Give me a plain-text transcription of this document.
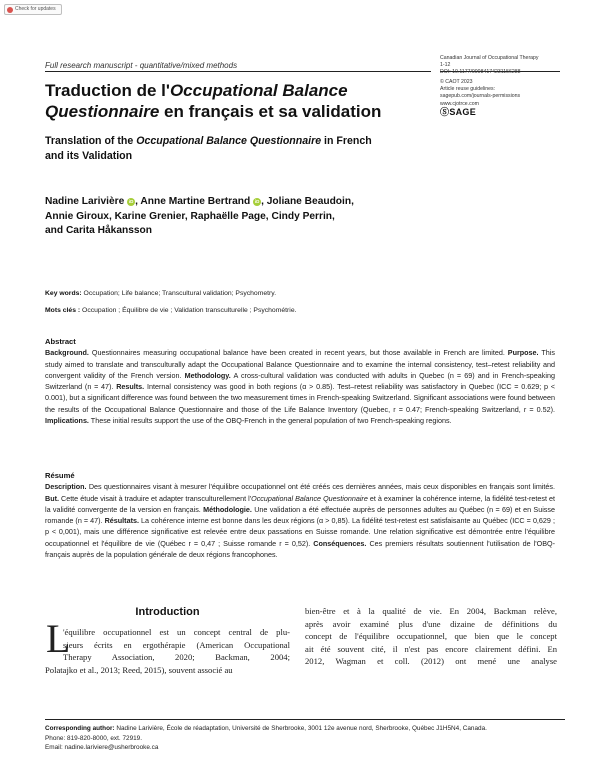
Check for updates
Full research manuscript - quantitative/mixed methods
Canadian Journal of Occupational Therapy
1-12
DOI: 10.1177/00084174231156288
© CAOT 2023
Article reuse guidelines:
sagepub.com/journals-permissions
www.cjotrce.com
ⓈSAGE
Traduction de l'Occupational Balance
Questionnaire en français et sa validation
Translation of the Occupational Balance Questionnaire in French
and its Validation
Nadine Larivière iD , Anne Martine Bertrand iD , Joliane Beaudoin,
Annie Giroux, Karine Grenier, Raphaëlle Page, Cindy Perrin,
and Carita Håkansson
Key words: Occupation; Life balance; Transcultural validation; Psychometry.
Mots clés : Occupation ; Équilibre de vie ; Validation transculturelle ; Psychométrie.
Abstract
Background. Questionnaires measuring occupational balance have been created in recent years, but those available in French are limited. Purpose. This study aimed to translate and transculturally adapt the Occupational Balance Questionnaire and to examine the internal consistency, test–retest reliability and convergent validity of the French version. Methodology. A cross-cultural validation was conducted with adults in Quebec (n = 69) and in French-speaking Switzerland (n = 47). Results. Internal consistency was good in both regions (α > 0.85). Test–retest reliability was satisfactory in Quebec (ICC = 0.629; p < 0.001), but a significant difference was found between the two measurement times in French-speaking Switzerland. Significant associations were found between the results of the Occupational Balance Questionnaire and those of the Life Balance Inventory (Quebec, r = 0.47; French-speaking Switzerland, r = 0.52). Implications. These initial results support the use of the OBQ-French in the general population of two French-speaking regions.
Résumé
Description. Des questionnaires visant à mesurer l'équilibre occupationnel ont été créés ces dernières années, mais ceux disponibles en français sont limités. But. Cette étude visait à traduire et adapter transculturellement l'Occupational Balance Questionnaire et à examiner la cohérence interne, la fidélité test-retest et la validité convergente de la version en français. Méthodologie. Une validation a été effectuée auprès de personnes adultes au Québec (n = 69) et en Suisse romande (n = 47). Résultats. La cohérence interne est bonne dans les deux régions (α > 0,85). La fidélité test-retest est satisfaisante au Québec (ICC = 0,629 ; p < 0,001), mais une différence significative est relevée entre deux passations en Suisse romande. Une relation significative est démontrée entre l'équilibre occupationnel et l'équilibre de vie (Québec r = 0,47 ; Suisse romande r = 0,52). Conséquences. Ces premiers résultats soutiennent l'utilisation de l'OBQ-français auprès de la population générale de deux régions francophones.
Introduction
L
'équilibre occupationnel est un concept central de plu-
sieurs écrits en ergothérapie (American Occupational
Therapy Association, 2020; Backman, 2004;
Polatajko et al., 2013; Reed, 2015), souvent associé au
bien-être et à la qualité de vie. En 2004, Backman relève,
après avoir examiné plus d'une dizaine de définitions du
concept de l'équilibre occupationnel, que bien que le concept
ait été souvent cité, il n'est pas encore clairement défini. En
2012, Wagman et coll. (2012) ont mené une analyse
Corresponding author: Nadine Larivière, École de réadaptation, Université de Sherbrooke, 3001 12e avenue nord, Sherbrooke, Québec J1H5N4, Canada.
Phone: 819-820-8000, ext. 72919.
Email: nadine.lariviere@usherbrooke.ca
